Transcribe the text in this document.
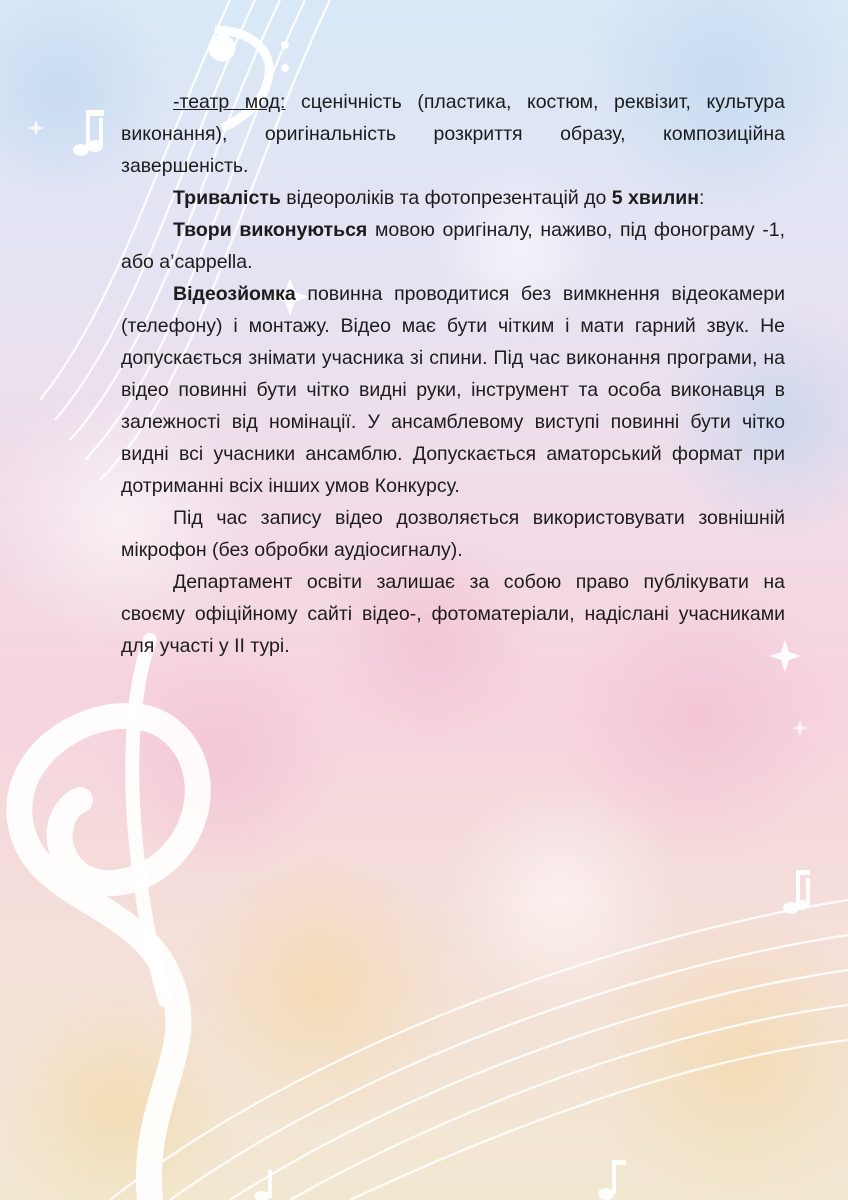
-театр мод: сценічність (пластика, костюм, реквізит, культура виконання), оригінальність розкриття образу, композиційна завершеність.

Тривалість відеороліків та фотопрезентацій до 5 хвилин:

Твори виконуються мовою оригіналу, наживо, під фонограму -1, або a’cappella.

Відеозйомка повинна проводитися без вимкнення відеокамери (телефону) і монтажу. Відео має бути чітким і мати гарний звук. Не допускається знімати учасника зі спини. Під час виконання програми, на відео повинні бути чітко видні руки, інструмент та особа виконавця в залежності від номінації. У ансамблевому виступі повинні бути чітко видні всі учасники ансамблю. Допускається аматорський формат при дотриманні всіх інших умов Конкурсу.

Під час запису відео дозволяється використовувати зовнішній мікрофон (без обробки аудіосигналу).

Департамент освіти залишає за собою право публікувати на своєму офіційному сайті відео-, фотоматеріали, надіслані учасниками для участі у ІІ турі.
